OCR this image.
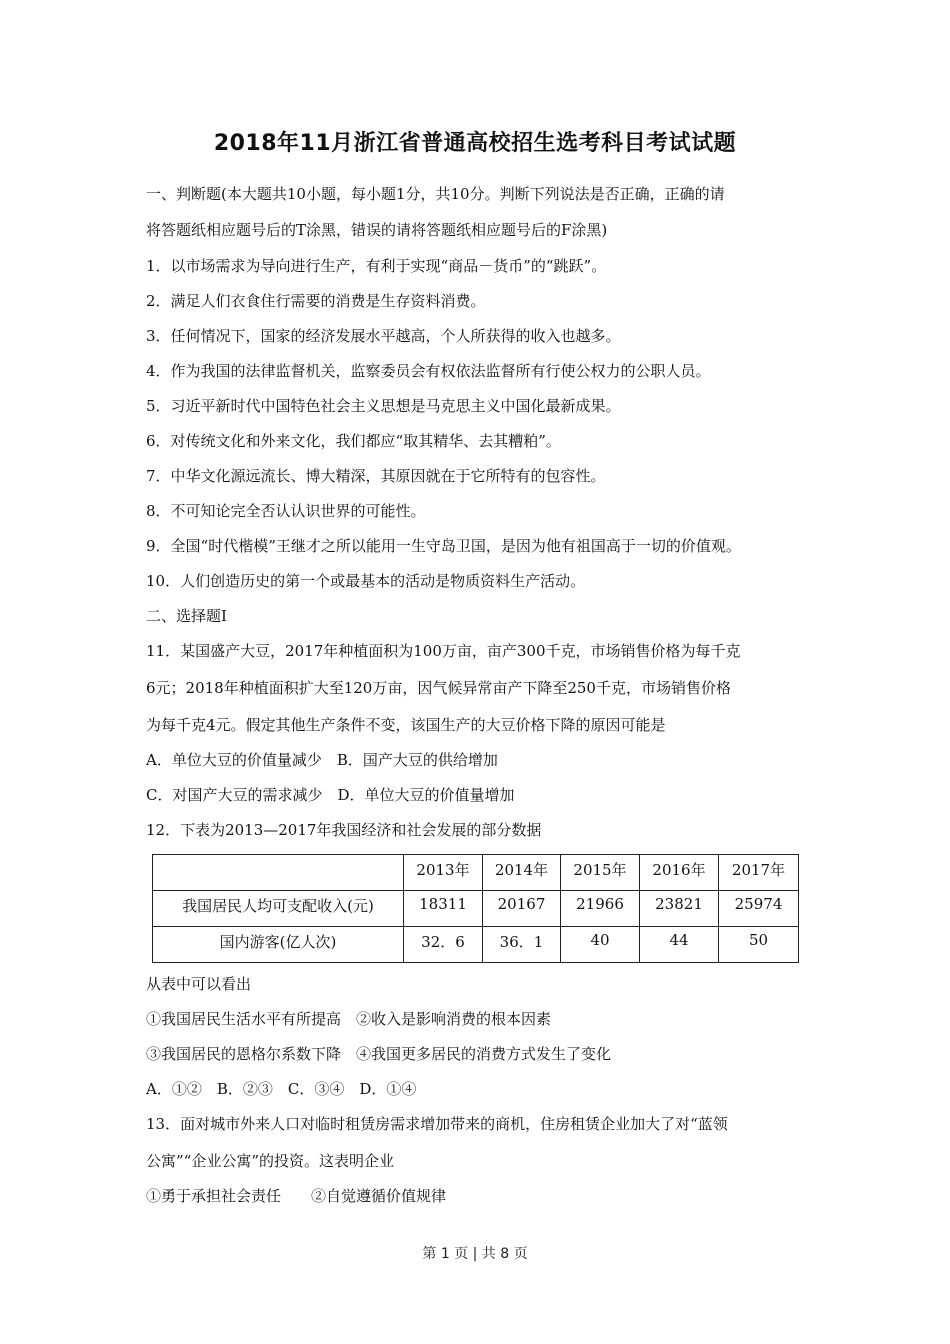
2018年11月浙江省普通高校招生选考科目考试试题
一、判断题(本大题共10小题，每小题1分，共10分。判断下列说法是否正确，正确的请
将答题纸相应题号后的T涂黑，错误的请将答题纸相应题号后的F涂黑)
1．以市场需求为导向进行生产，有利于实现“商品－货币”的“跳跃”。
2．满足人们衣食住行需要的消费是生存资料消费。
3．任何情况下，国家的经济发展水平越高，个人所获得的收入也越多。
4．作为我国的法律监督机关，监察委员会有权依法监督所有行使公权力的公职人员。
5．习近平新时代中国特色社会主义思想是马克思主义中国化最新成果。
6．对传统文化和外来文化，我们都应“取其精华、去其糟粕”。
7．中华文化源远流长、博大精深，其原因就在于它所特有的包容性。
8．不可知论完全否认认识世界的可能性。
9．全国“时代楷模”王继才之所以能用一生守岛卫国，是因为他有祖国高于一切的价值观。
10．人们创造历史的第一个或最基本的活动是物质资料生产活动。
二、选择题Ⅰ
11．某国盛产大豆，2017年种植面积为100万亩，亩产300千克，市场销售价格为每千克
6元；2018年种植面积扩大至120万亩，因气候异常亩产下降至250千克，市场销售价格
为每千克4元。假定其他生产条件不变，该国生产的大豆价格下降的原因可能是
A．单位大豆的价值量减少　B．国产大豆的供给增加
C．对国产大豆的需求减少　D．单位大豆的价值量增加
12．下表为2013—2017年我国经济和社会发展的部分数据
	2013年	2014年	2015年	2016年	2017年
我国居民人均可支配收入(元)	18311	20167	21966	23821	25974
国内游客(亿人次)	32．6	36．1	40	44	50
从表中可以看出
①我国居民生活水平有所提高　②收入是影响消费的根本因素
③我国居民的恩格尔系数下降　④我国更多居民的消费方式发生了变化
A．①②　B．②③　C．③④　D．①④
13．面对城市外来人口对临时租赁房需求增加带来的商机，住房租赁企业加大了对“蓝领
公寓”“企业公寓”的投资。这表明企业
①勇于承担社会责任　　②自觉遵循价值规律
第 1 页 | 共 8 页
